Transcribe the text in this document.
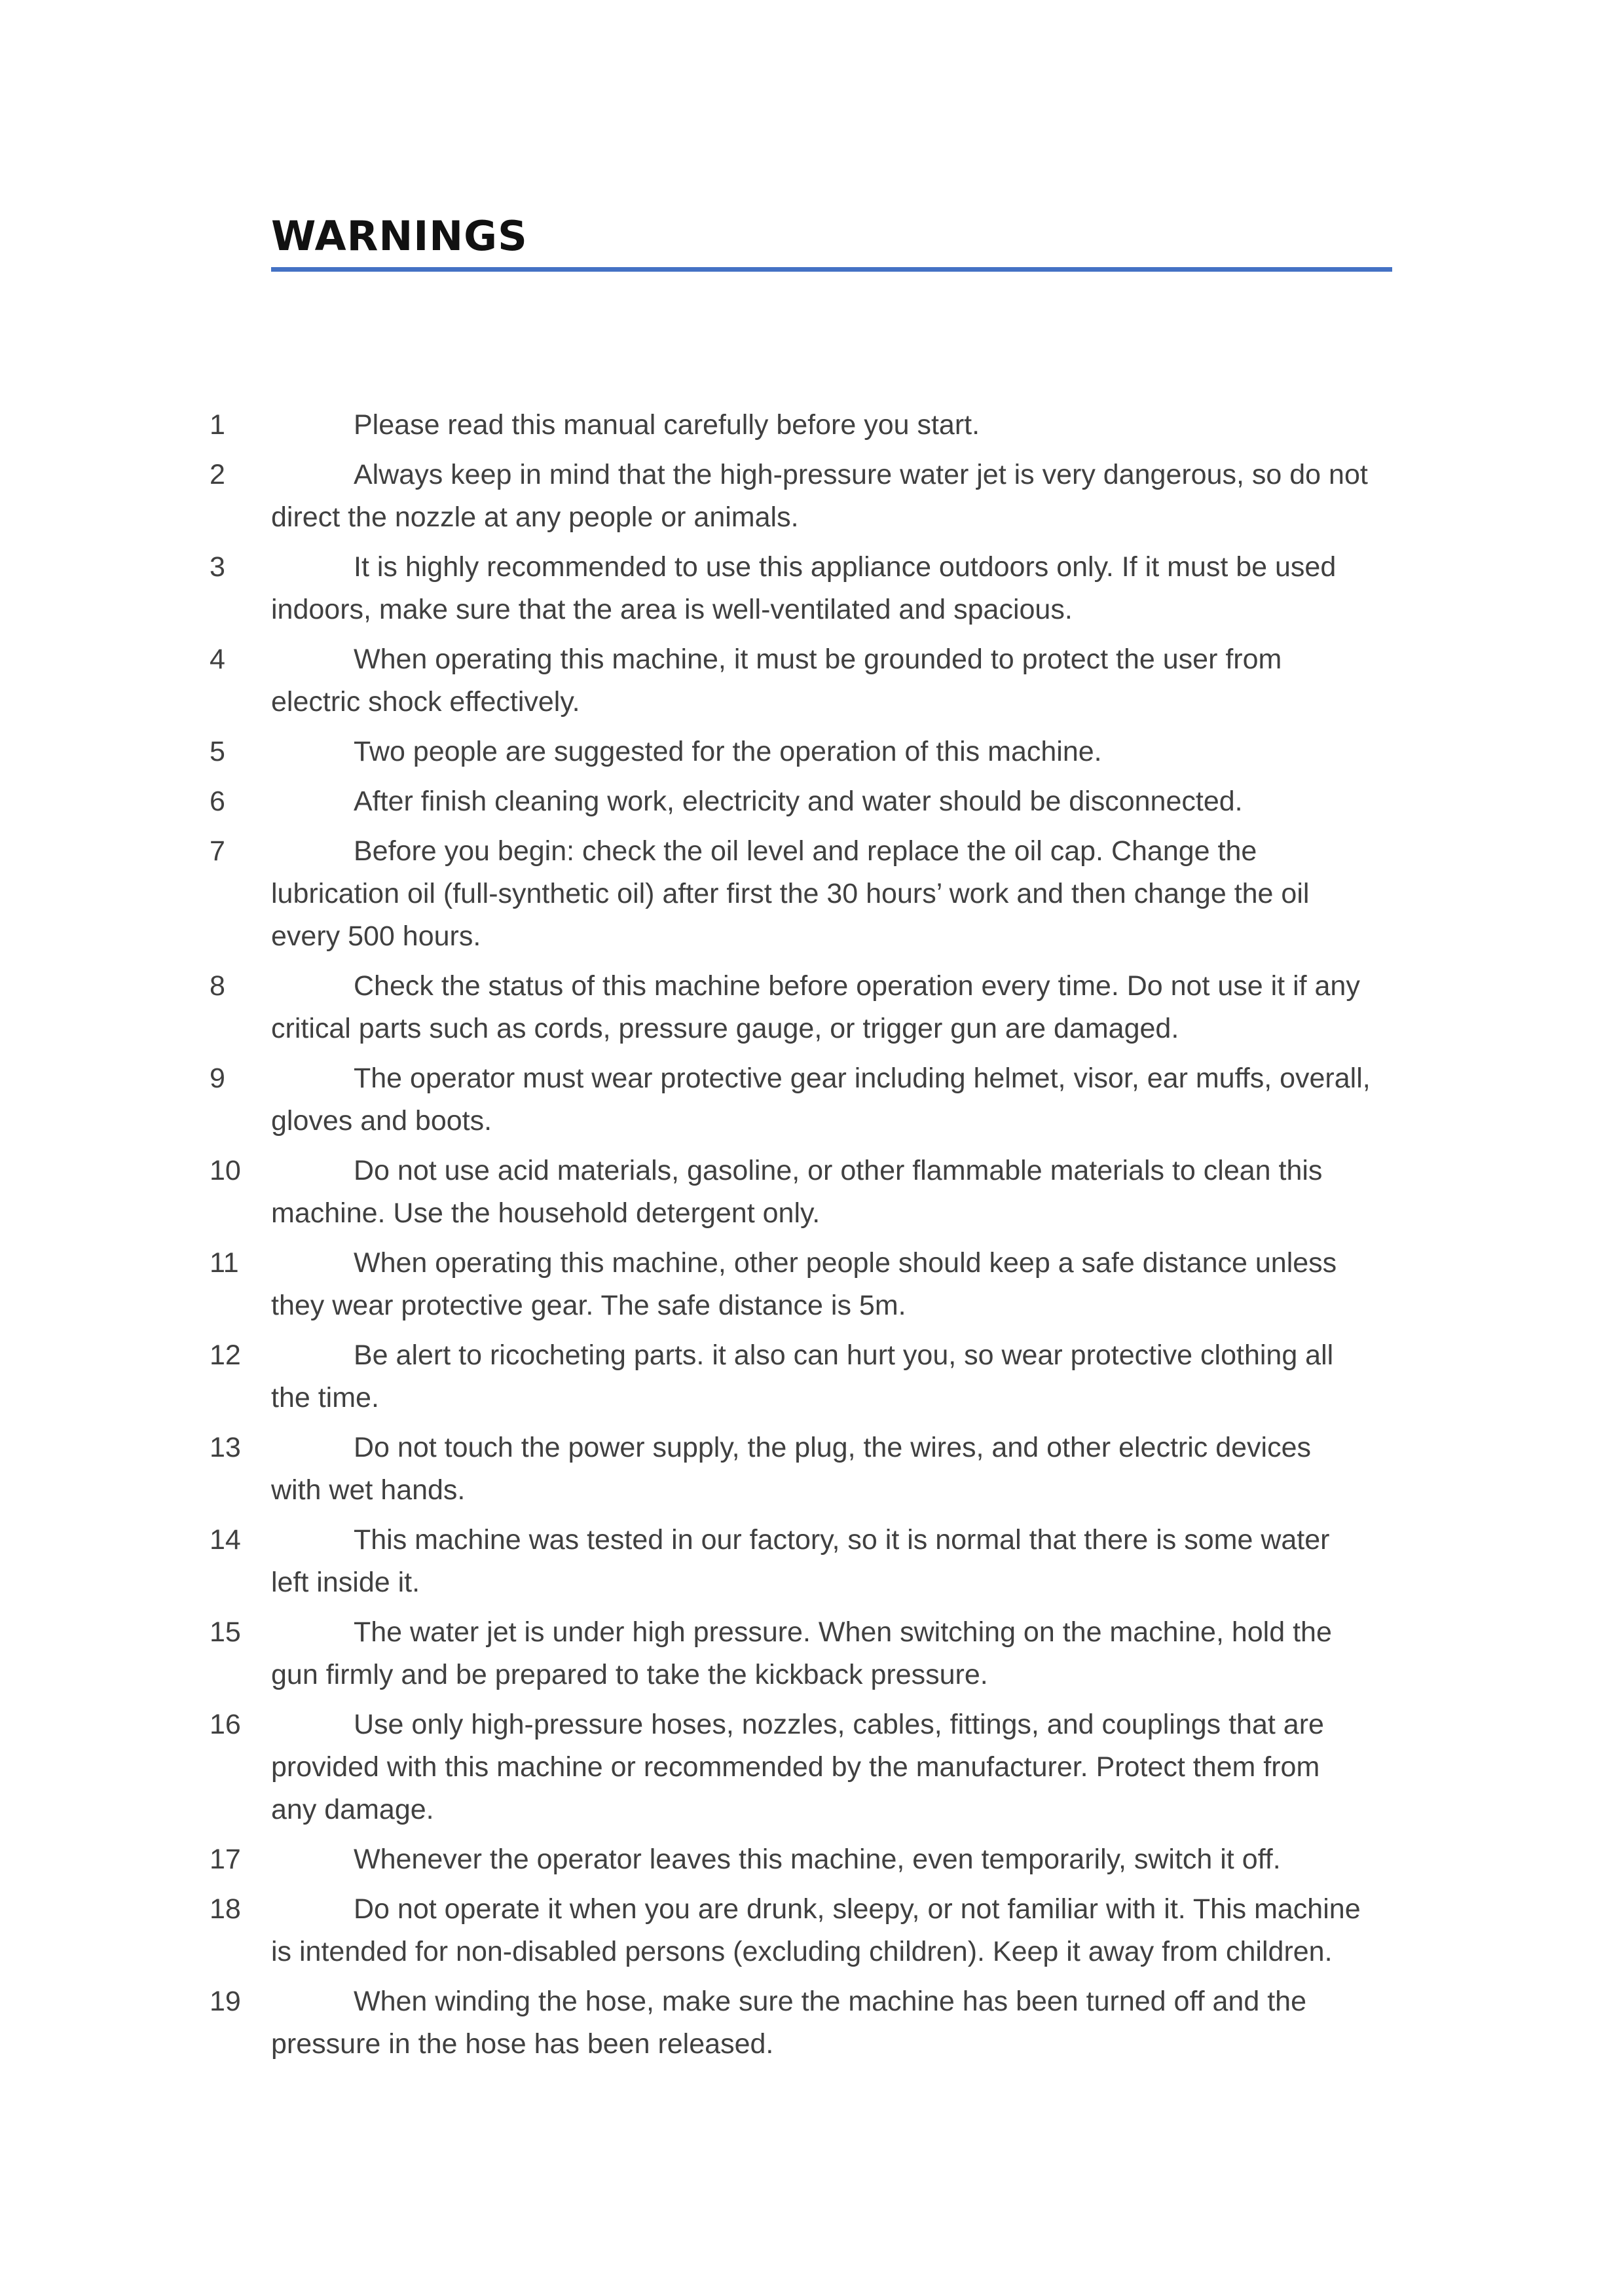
WARNINGS
1	Please read this manual carefully before you start.
2	Always keep in mind that the high-pressure water jet is very dangerous, so do not
direct the nozzle at any people or animals.
3	It is highly recommended to use this appliance outdoors only. If it must be used
indoors, make sure that the area is well-ventilated and spacious.
4	When operating this machine, it must be grounded to protect the user from
electric shock effectively.
5	Two people are suggested for the operation of this machine.
6	After finish cleaning work, electricity and water should be disconnected.
7	Before you begin: check the oil level and replace the oil cap. Change the
lubrication oil (full-synthetic oil) after first the 30 hours’ work and then change the oil
every 500 hours.
8	Check the status of this machine before operation every time. Do not use it if any
critical parts such as cords, pressure gauge, or trigger gun are damaged.
9	The operator must wear protective gear including helmet, visor, ear muffs, overall,
gloves and boots.
10	Do not use acid materials, gasoline, or other flammable materials to clean this
machine. Use the household detergent only.
11	When operating this machine, other people should keep a safe distance unless
they wear protective gear. The safe distance is 5m.
12	Be alert to ricocheting parts. it also can hurt you, so wear protective clothing all
the time.
13	Do not touch the power supply, the plug, the wires, and other electric devices
with wet hands.
14	This machine was tested in our factory, so it is normal that there is some water
left inside it.
15	The water jet is under high pressure. When switching on the machine, hold the
gun firmly and be prepared to take the kickback pressure.
16	Use only high-pressure hoses, nozzles, cables, fittings, and couplings that are
provided with this machine or recommended by the manufacturer. Protect them from
any damage.
17	Whenever the operator leaves this machine, even temporarily, switch it off.
18	Do not operate it when you are drunk, sleepy, or not familiar with it. This machine
is intended for non-disabled persons (excluding children). Keep it away from children.
19	When winding the hose, make sure the machine has been turned off and the
pressure in the hose has been released.
